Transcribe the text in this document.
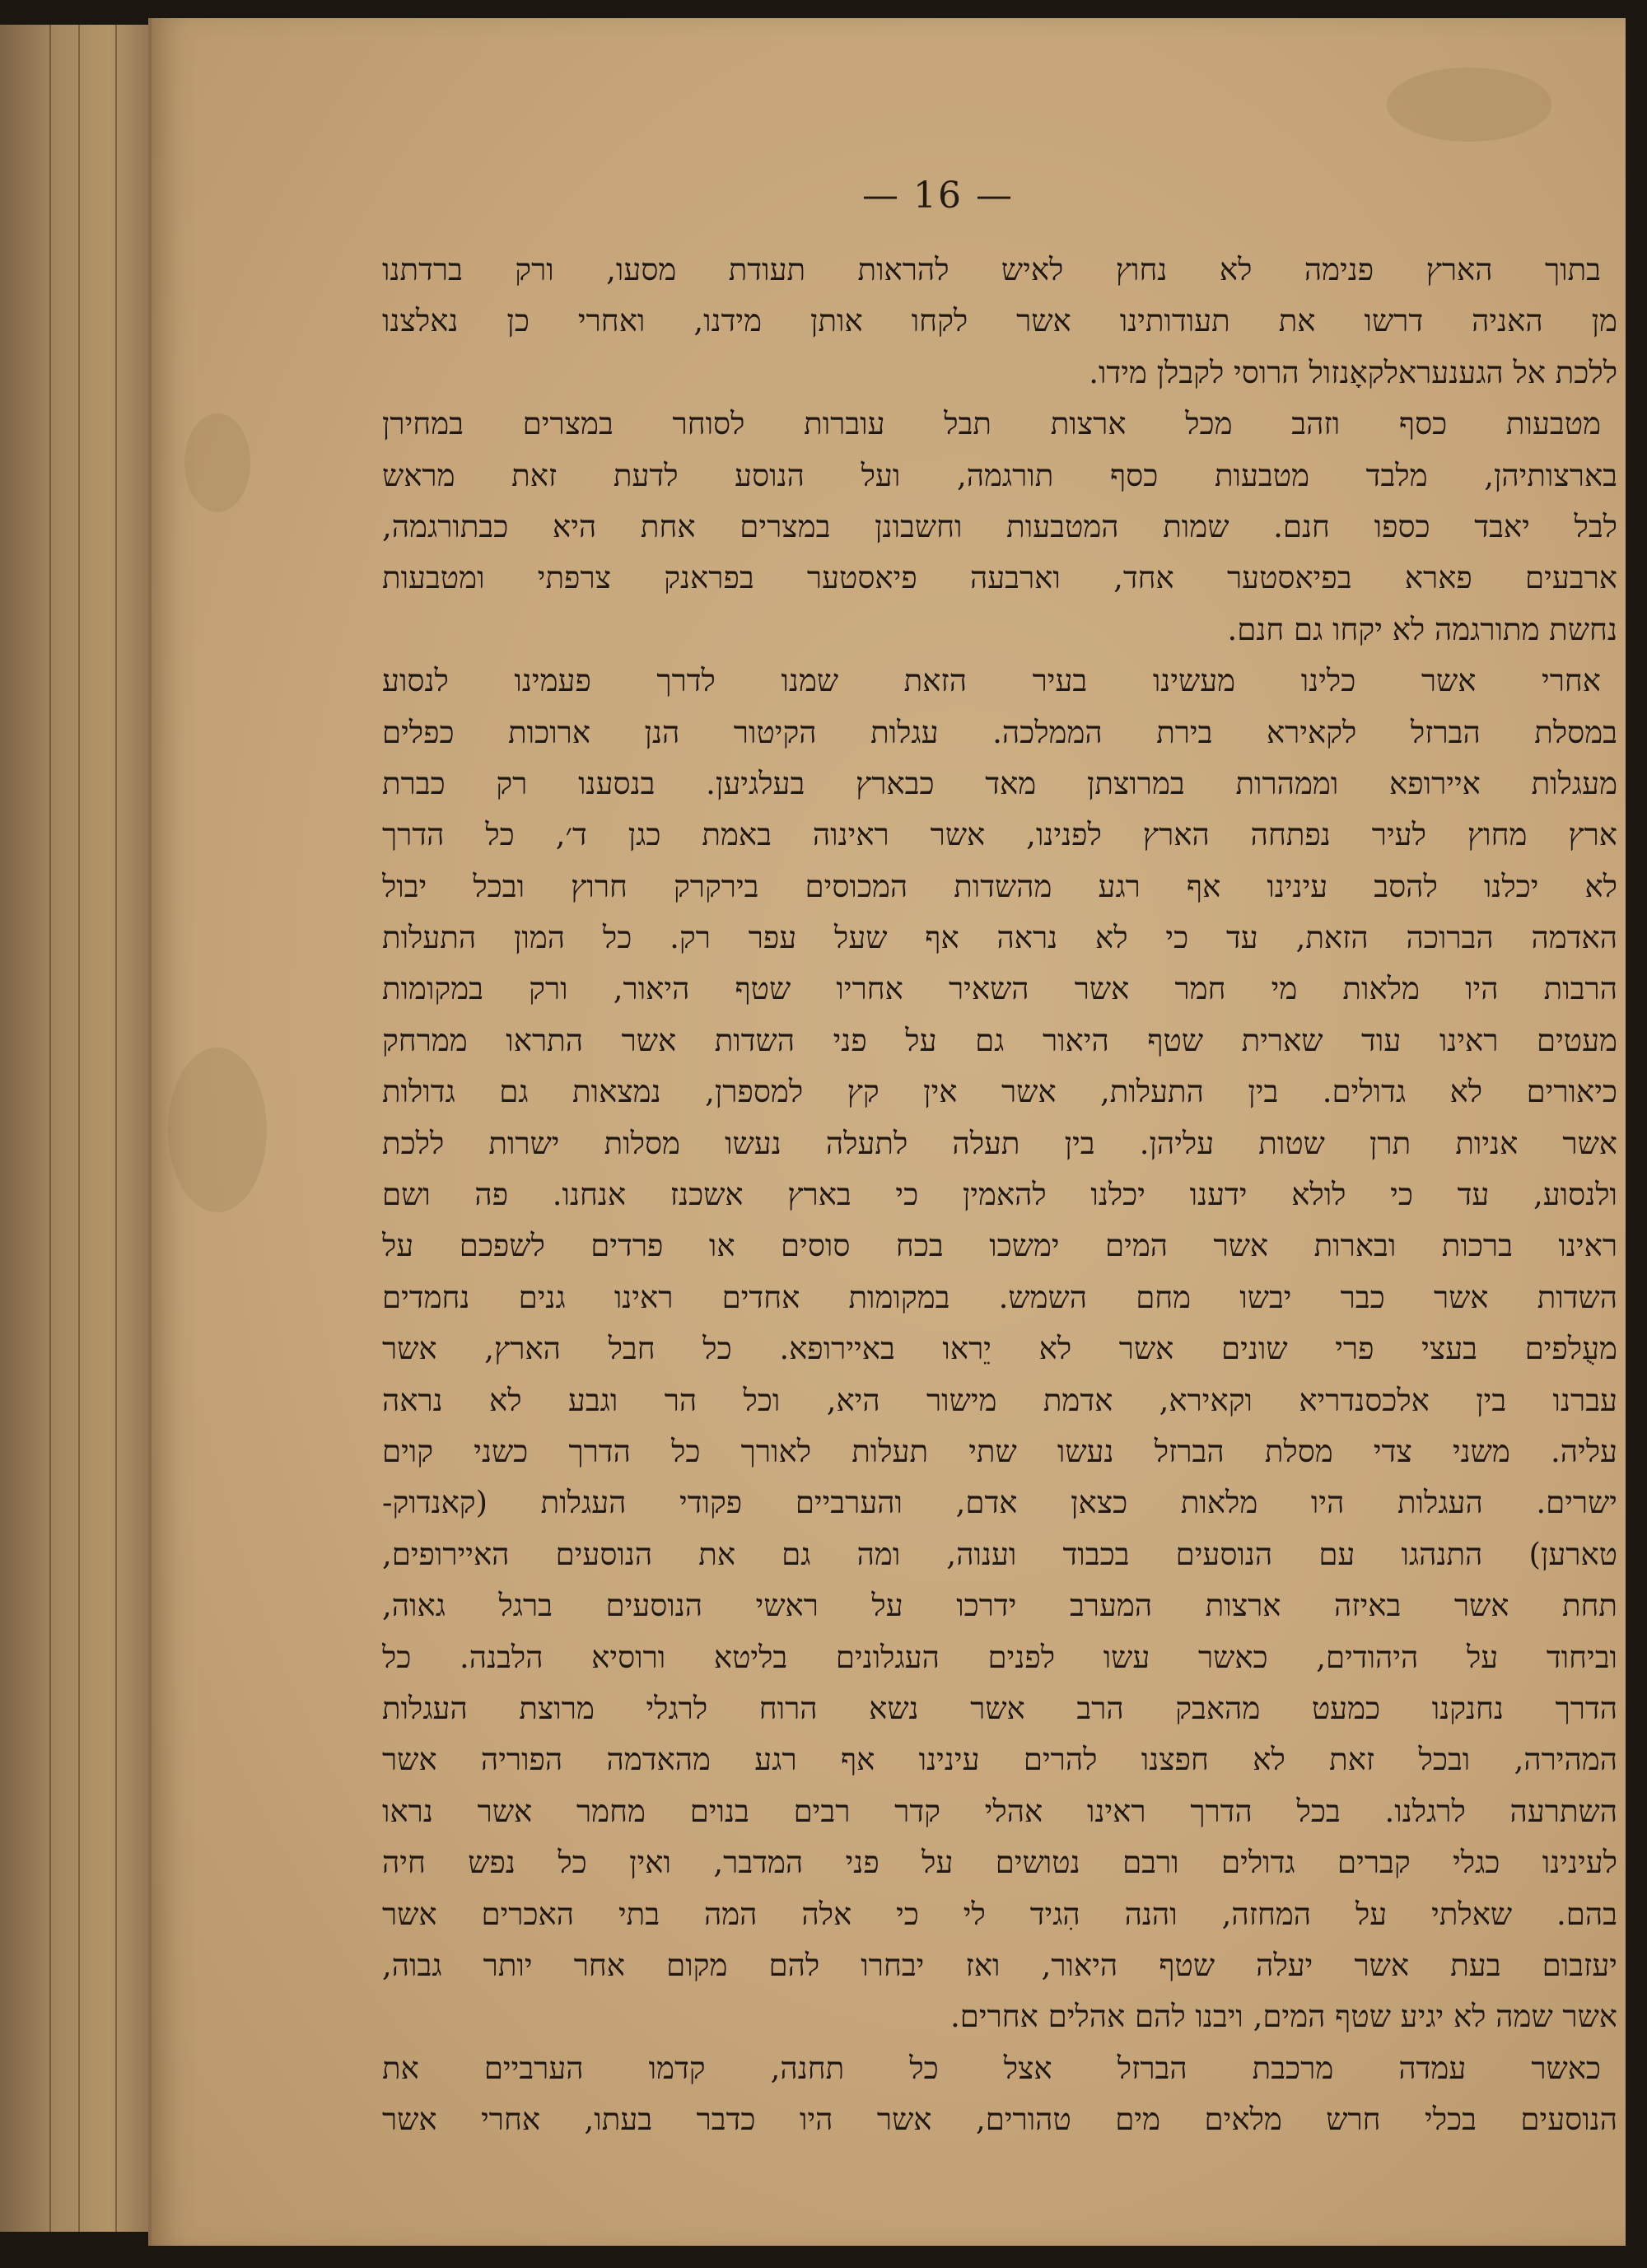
— 16 —
בתוך הארץ פנימה לא נחוץ לאיש להראות תעודת מסעו, ורק ברדתנו
מן האניה דרשו את תעודותינו אשר לקחו אותן מידנו, ואחרי כן נאלצנו
ללכת אל הגענעראלקאָנזול הרוסי לקבלן מידו.
מטבעות כסף וזהב מכל ארצות תבל עוברות לסוחר במצרים במחירן
בארצותיהן, מלבד מטבעות כסף תורגמה, ועל הנוסע לדעת זאת מראש
לבל יאבד כספו חנם. שמות המטבעות וחשבונן במצרים אחת היא כבתורגמה,
ארבעים פארא בפיאסטער אחד, וארבעה פיאסטער בפראנק צרפתי ומטבעות
נחשת מתורגמה לא יקחו גם חנם.
אחרי אשר כלינו מעשינו בעיר הזאת שמנו לדרך פעמינו לנסוע
במסלת הברזל לקאירא בירת הממלכה. עגלות הקיטור הנן ארוכות כפלים
מעגלות איירופא וממהרות במרוצתן מאד כבארץ בעלגיען. בנסענו רק כברת
ארץ מחוץ לעיר נפתחה הארץ לפנינו, אשר ראינוה באמת כגן ד׳, כל הדרך
לא יכלנו להסב עינינו אף רגע מהשדות המכוסים בירקרק חרוץ ובכל יבול
האדמה הברוכה הזאת, עד כי לא נראה אף שעל עפר רק. כל המון התעלות
הרבות היו מלאות מי חמר אשר השאיר אחריו שטף היאור, ורק במקומות
מעטים ראינו עוד שארית שטף היאור גם על פני השדות אשר התראו ממרחק
כיאורים לא גדולים. בין התעלות, אשר אין קץ למספרן, נמצאות גם גדולות
אשר אניות תרן שטות עליהן. בין תעלה לתעלה נעשו מסלות ישרות ללכת
ולנסוע, עד כי לולא ידענו יכלנו להאמין כי בארץ אשכנז אנחנו. פה ושם
ראינו ברכות ובארות אשר המים ימשכו בכח סוסים או פרדים לשפכם על
השדות אשר כבר יבשו מחם השמש. במקומות אחדים ראינו גנים נחמדים
מעֻלפים בעצי פרי שונים אשר לא יֵראו באיירופא. כל חבל הארץ, אשר
עברנו בין אלכסנדריא וקאירא, אדמת מישור היא, וכל הר וגבע לא נראה
עליה. משני צדי מסלת הברזל נעשו שתי תעלות לאורך כל הדרך כשני קוים
ישרים. העגלות היו מלאות כצאן אדם, והערביים פקודי העגלות (קאנדוק-
טארען) התנהגו עם הנוסעים בכבוד וענוה, ומה גם את הנוסעים האיירופים,
תחת אשר באיזה ארצות המערב ידרכו על ראשי הנוסעים ברגל גאוה,
וביחוד על היהודים, כאשר עשו לפנים העגלונים בליטא ורוסיא הלבנה. כל
הדרך נחנקנו כמעט מהאבק הרב אשר נשא הרוח לרגלי מרוצת העגלות
המהירה, ובכל זאת לא חפצנו להרים עינינו אף רגע מהאדמה הפוריה אשר
השתרעה לרגלנו. בכל הדרך ראינו אהלי קדר רבים בנוים מחמר אשר נראו
לעינינו כגלי קברים גדולים ורבם נטושים על פני המדבר, ואין כל נפש חיה
בהם. שאלתי על המחזה, והנה הִגיד לי כי אלה המה בתי האכרים אשר
יעזבום בעת אשר יעלה שטף היאור, ואז יבחרו להם מקום אחר יותר גבוה,
אשר שמה לא יגיע שטף המים, ויבנו להם אהלים אחרים.
כאשר עמדה מרכבת הברזל אצל כל תחנה, קדמו הערביים את
הנוסעים בכלי חרש מלאים מים טהורים, אשר היו כדבר בעתו, אחרי אשר
